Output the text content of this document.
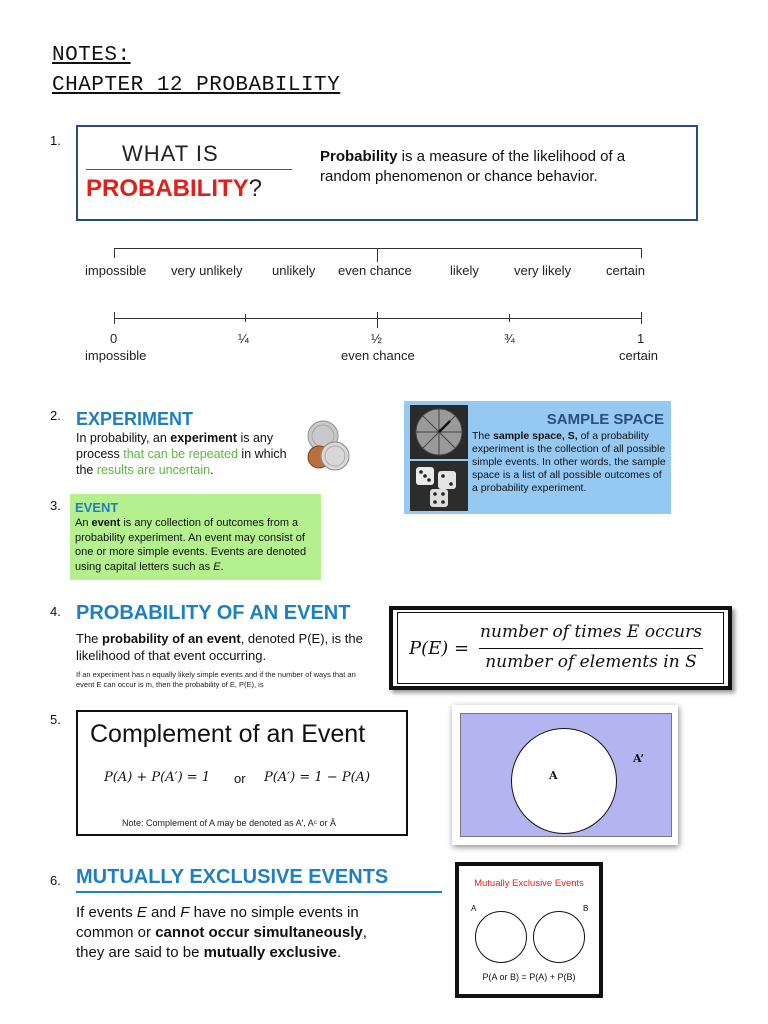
NOTES:
CHAPTER 12 PROBABILITY
1.
WHAT IS
PROBABILITY?
Probability is a measure of the likelihood of a random phenomenon or chance behavior.
impossible very unlikely unlikely even chance	likely	very likely	certain
0	¼	½	¾	1
impossible	even chance	certain
2. EXPERIMENT
In probability, an experiment is any process that can be repeated in which the results are uncertain.
SAMPLE SPACE
The sample space, S, of a probability experiment is the collection of all possible simple events. In other words, the sample space is a list of all possible outcomes of a probability experiment.
3. EVENT
An event is any collection of outcomes from a probability experiment. An event may consist of one or more simple events. Events are denoted using capital letters such as E.
4. PROBABILITY OF AN EVENT
The probability of an event, denoted P(E), is the likelihood of that event occurring.
If an experiment has n equally likely simple events and if the number of ways that an event E can occur is m, then the probability of E, P(E), is
P(E) =
number of times E occurs
number of elements in S
5.
Complement of an Event
P(A) + P(A′) = 1 or P(A′) = 1 − P(A)
Note: Complement of A may be denoted as A′, Aᶜ or Ā
A
A’
6. MUTUALLY EXCLUSIVE EVENTS
If events E and F have no simple events in common or cannot occur simultaneously, they are said to be mutually exclusive.
Mutually Exclusive Events
A	B
P(A or B) = P(A) + P(B)
